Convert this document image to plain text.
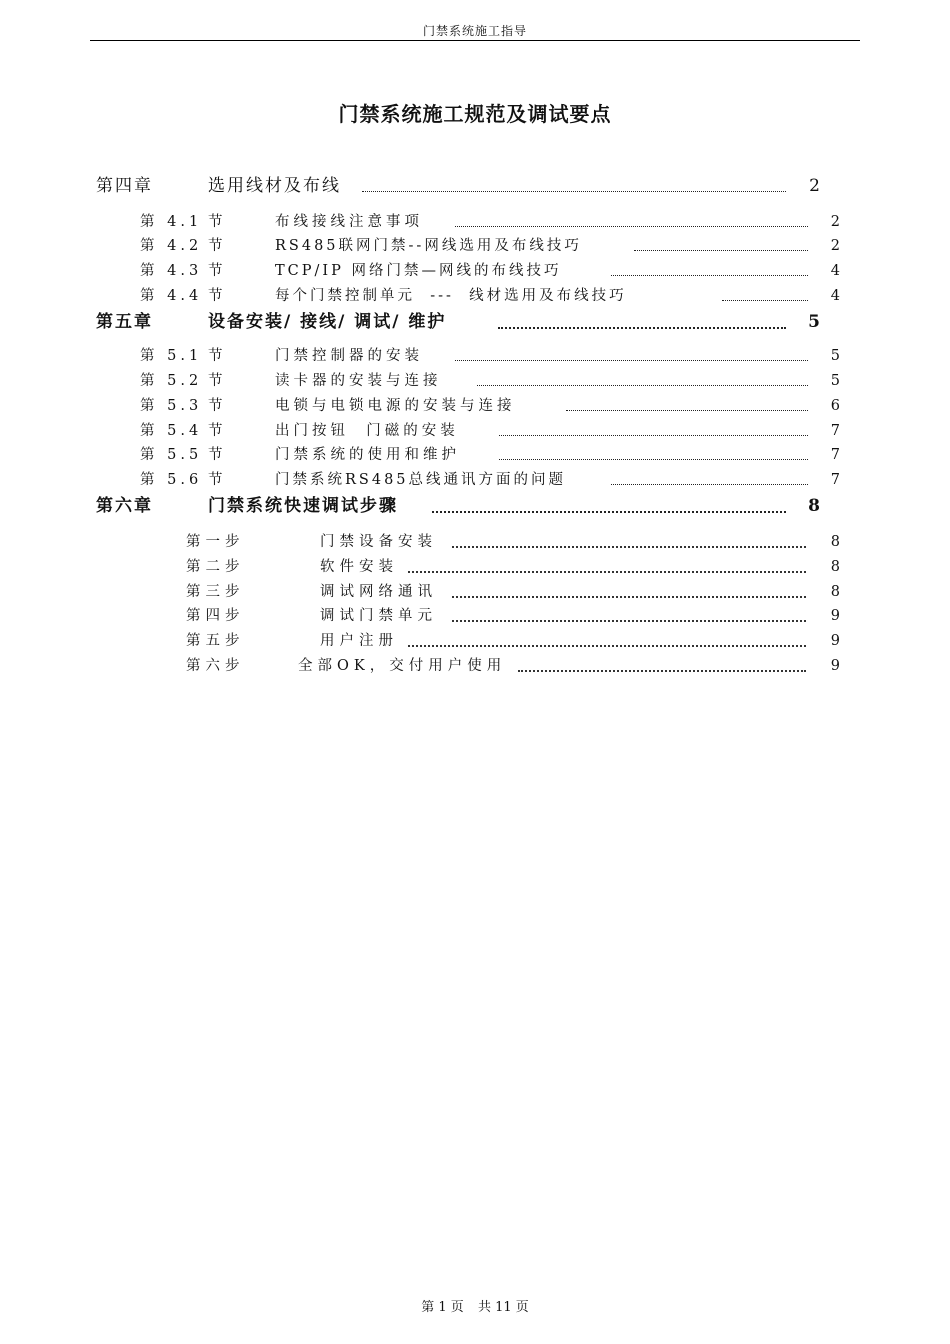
门禁系统施工指导
门禁系统施工规范及调试要点
第四章	选用线材及布线	2
第 4.1 节	布线接线注意事项	2
第 4.2 节	RS485联网门禁--网线选用及布线技巧	2
第 4.3 节	TCP/IP 网络门禁—网线的布线技巧	4
第 4.4 节	每个门禁控制单元  ---  线材选用及布线技巧	4
第五章	设备安装/ 接线/ 调试/ 维护	5
第 5.1 节	门禁控制器的安装	5
第 5.2 节	读卡器的安装与连接	5
第 5.3 节	电锁与电锁电源的安装与连接	6
第 5.4 节	出门按钮  门磁的安装	7
第 5.5 节	门禁系统的使用和维护	7
第 5.6 节	门禁系统RS485总线通讯方面的问题	7
第六章	门禁系统快速调试步骤	8
第一步	门禁设备安装	8
第二步	软件安装	8
第三步	调试网络通讯	8
第四步	调试门禁单元	9
第五步	用户注册	9
第六步	全部OK，交付用户使用	9
第 1 页 共 11 页
